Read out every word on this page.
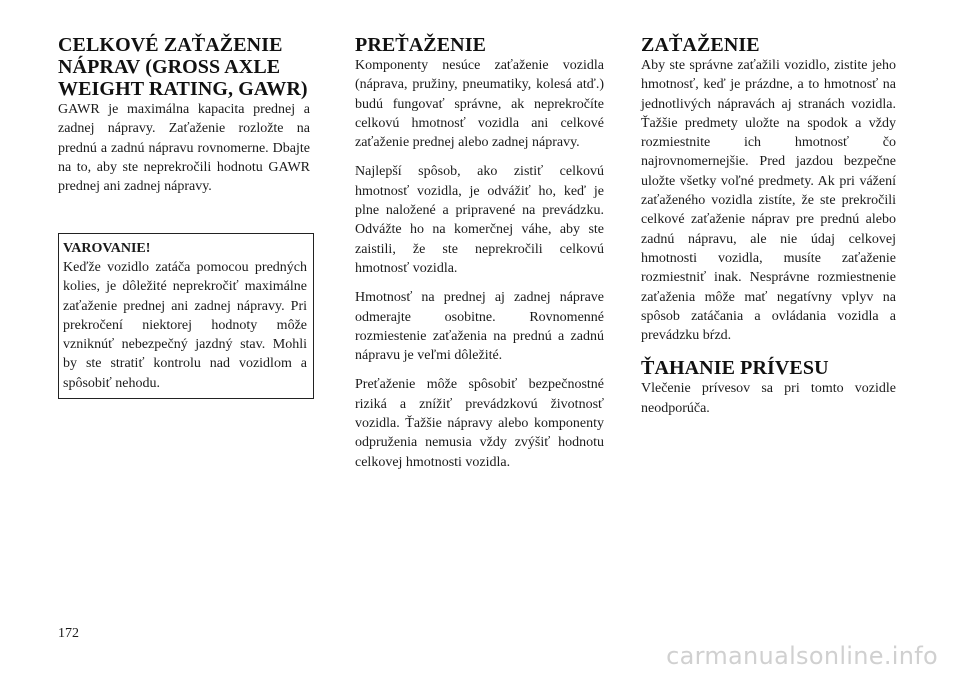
CELKOVÉ ZAŤAŽENIE NÁPRAV (GROSS AXLE WEIGHT RATING, GAWR)

GAWR je maximálna kapacita prednej a zadnej nápravy. Zaťaženie rozložte na prednú a zadnú nápravu rovnomerne. Dbajte na to, aby ste neprekročili hodnotu GAWR prednej ani zadnej nápravy.

VAROVANIE!

Keďže vozidlo zatáča pomocou predných kolies, je dôležité neprekročiť maximálne zaťaženie prednej ani zadnej nápravy. Pri prekročení niektorej hodnoty môže vzniknúť nebezpečný jazdný stav. Mohli by ste stratiť kontrolu nad vozidlom a spôsobiť nehodu.

PREŤAŽENIE

Komponenty nesúce zaťaženie vozidla (náprava, pružiny, pneumatiky, kolesá atď.) budú fungovať správne, ak neprekročíte celkovú hmotnosť vozidla ani celkové zaťaženie prednej alebo zadnej nápravy.

Najlepší spôsob, ako zistiť celkovú hmotnosť vozidla, je odvážiť ho, keď je plne naložené a pripravené na prevádzku. Odvážte ho na komerčnej váhe, aby ste zaistili, že ste neprekročili celkovú hmotnosť vozidla.

Hmotnosť na prednej aj zadnej náprave odmerajte osobitne. Rovnomenné rozmiestenie zaťaženia na prednú a zadnú nápravu je veľmi dôležité.

Preťaženie môže spôsobiť bezpečnostné riziká a znížiť prevádzkovú životnosť vozidla. Ťažšie nápravy alebo komponenty odpruženia nemusia vždy zvýšiť hodnotu celkovej hmotnosti vozidla.

ZAŤAŽENIE

Aby ste správne zaťažili vozidlo, zistite jeho hmotnosť, keď je prázdne, a to hmotnosť na jednotlivých nápravách aj stranách vozidla. Ťažšie predmety uložte na spodok a vždy rozmiestnite ich hmotnosť čo najrovnomernejšie. Pred jazdou bezpečne uložte všetky voľné predmety. Ak pri vážení zaťaženého vozidla zistíte, že ste prekročili celkové zaťaženie náprav pre prednú alebo zadnú nápravu, ale nie údaj celkovej hmotnosti vozidla, musíte zaťaženie rozmiestniť inak. Nesprávne rozmiestnenie zaťaženia môže mať negatívny vplyv na spôsob zatáčania a ovládania vozidla a prevádzku bŕzd.

ŤAHANIE PRÍVESU

Vlečenie prívesov sa pri tomto vozidle neodporúča.

172
carmanualsonline.info
